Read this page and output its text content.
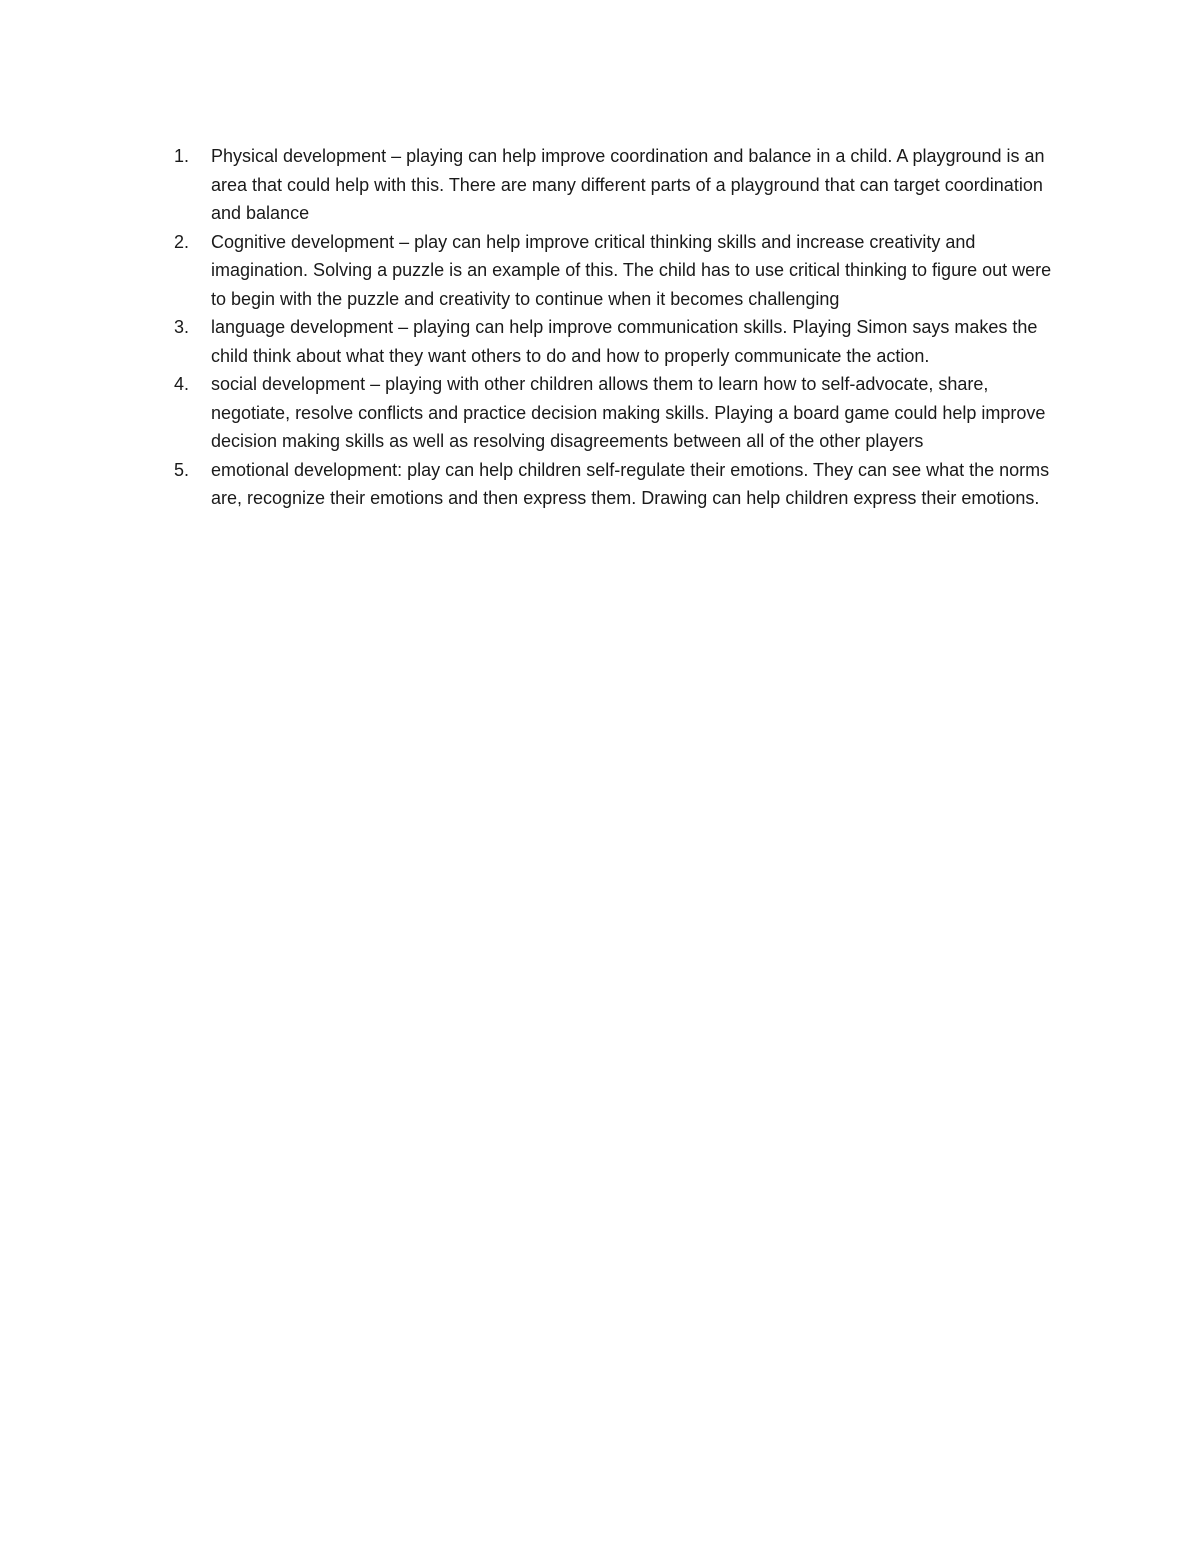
1.	Physical development – playing can help improve coordination and balance in a child. A playground is an area that could help with this. There are many different parts of a playground that can target coordination and balance
2.	Cognitive development – play can help improve critical thinking skills and increase creativity and imagination. Solving a puzzle is an example of this. The child has to use critical thinking to figure out were to begin with the puzzle and creativity to continue when it becomes challenging
3.	language development – playing can help improve communication skills. Playing Simon says makes the child think about what they want others to do and how to properly communicate the action.
4.	social development – playing with other children allows them to learn how to self-advocate, share, negotiate, resolve conflicts and practice decision making skills. Playing a board game could help improve decision making skills as well as resolving disagreements between all of the other players
5.	emotional development: play can help children self-regulate their emotions. They can see what the norms are, recognize their emotions and then express them. Drawing can help children express their emotions.
